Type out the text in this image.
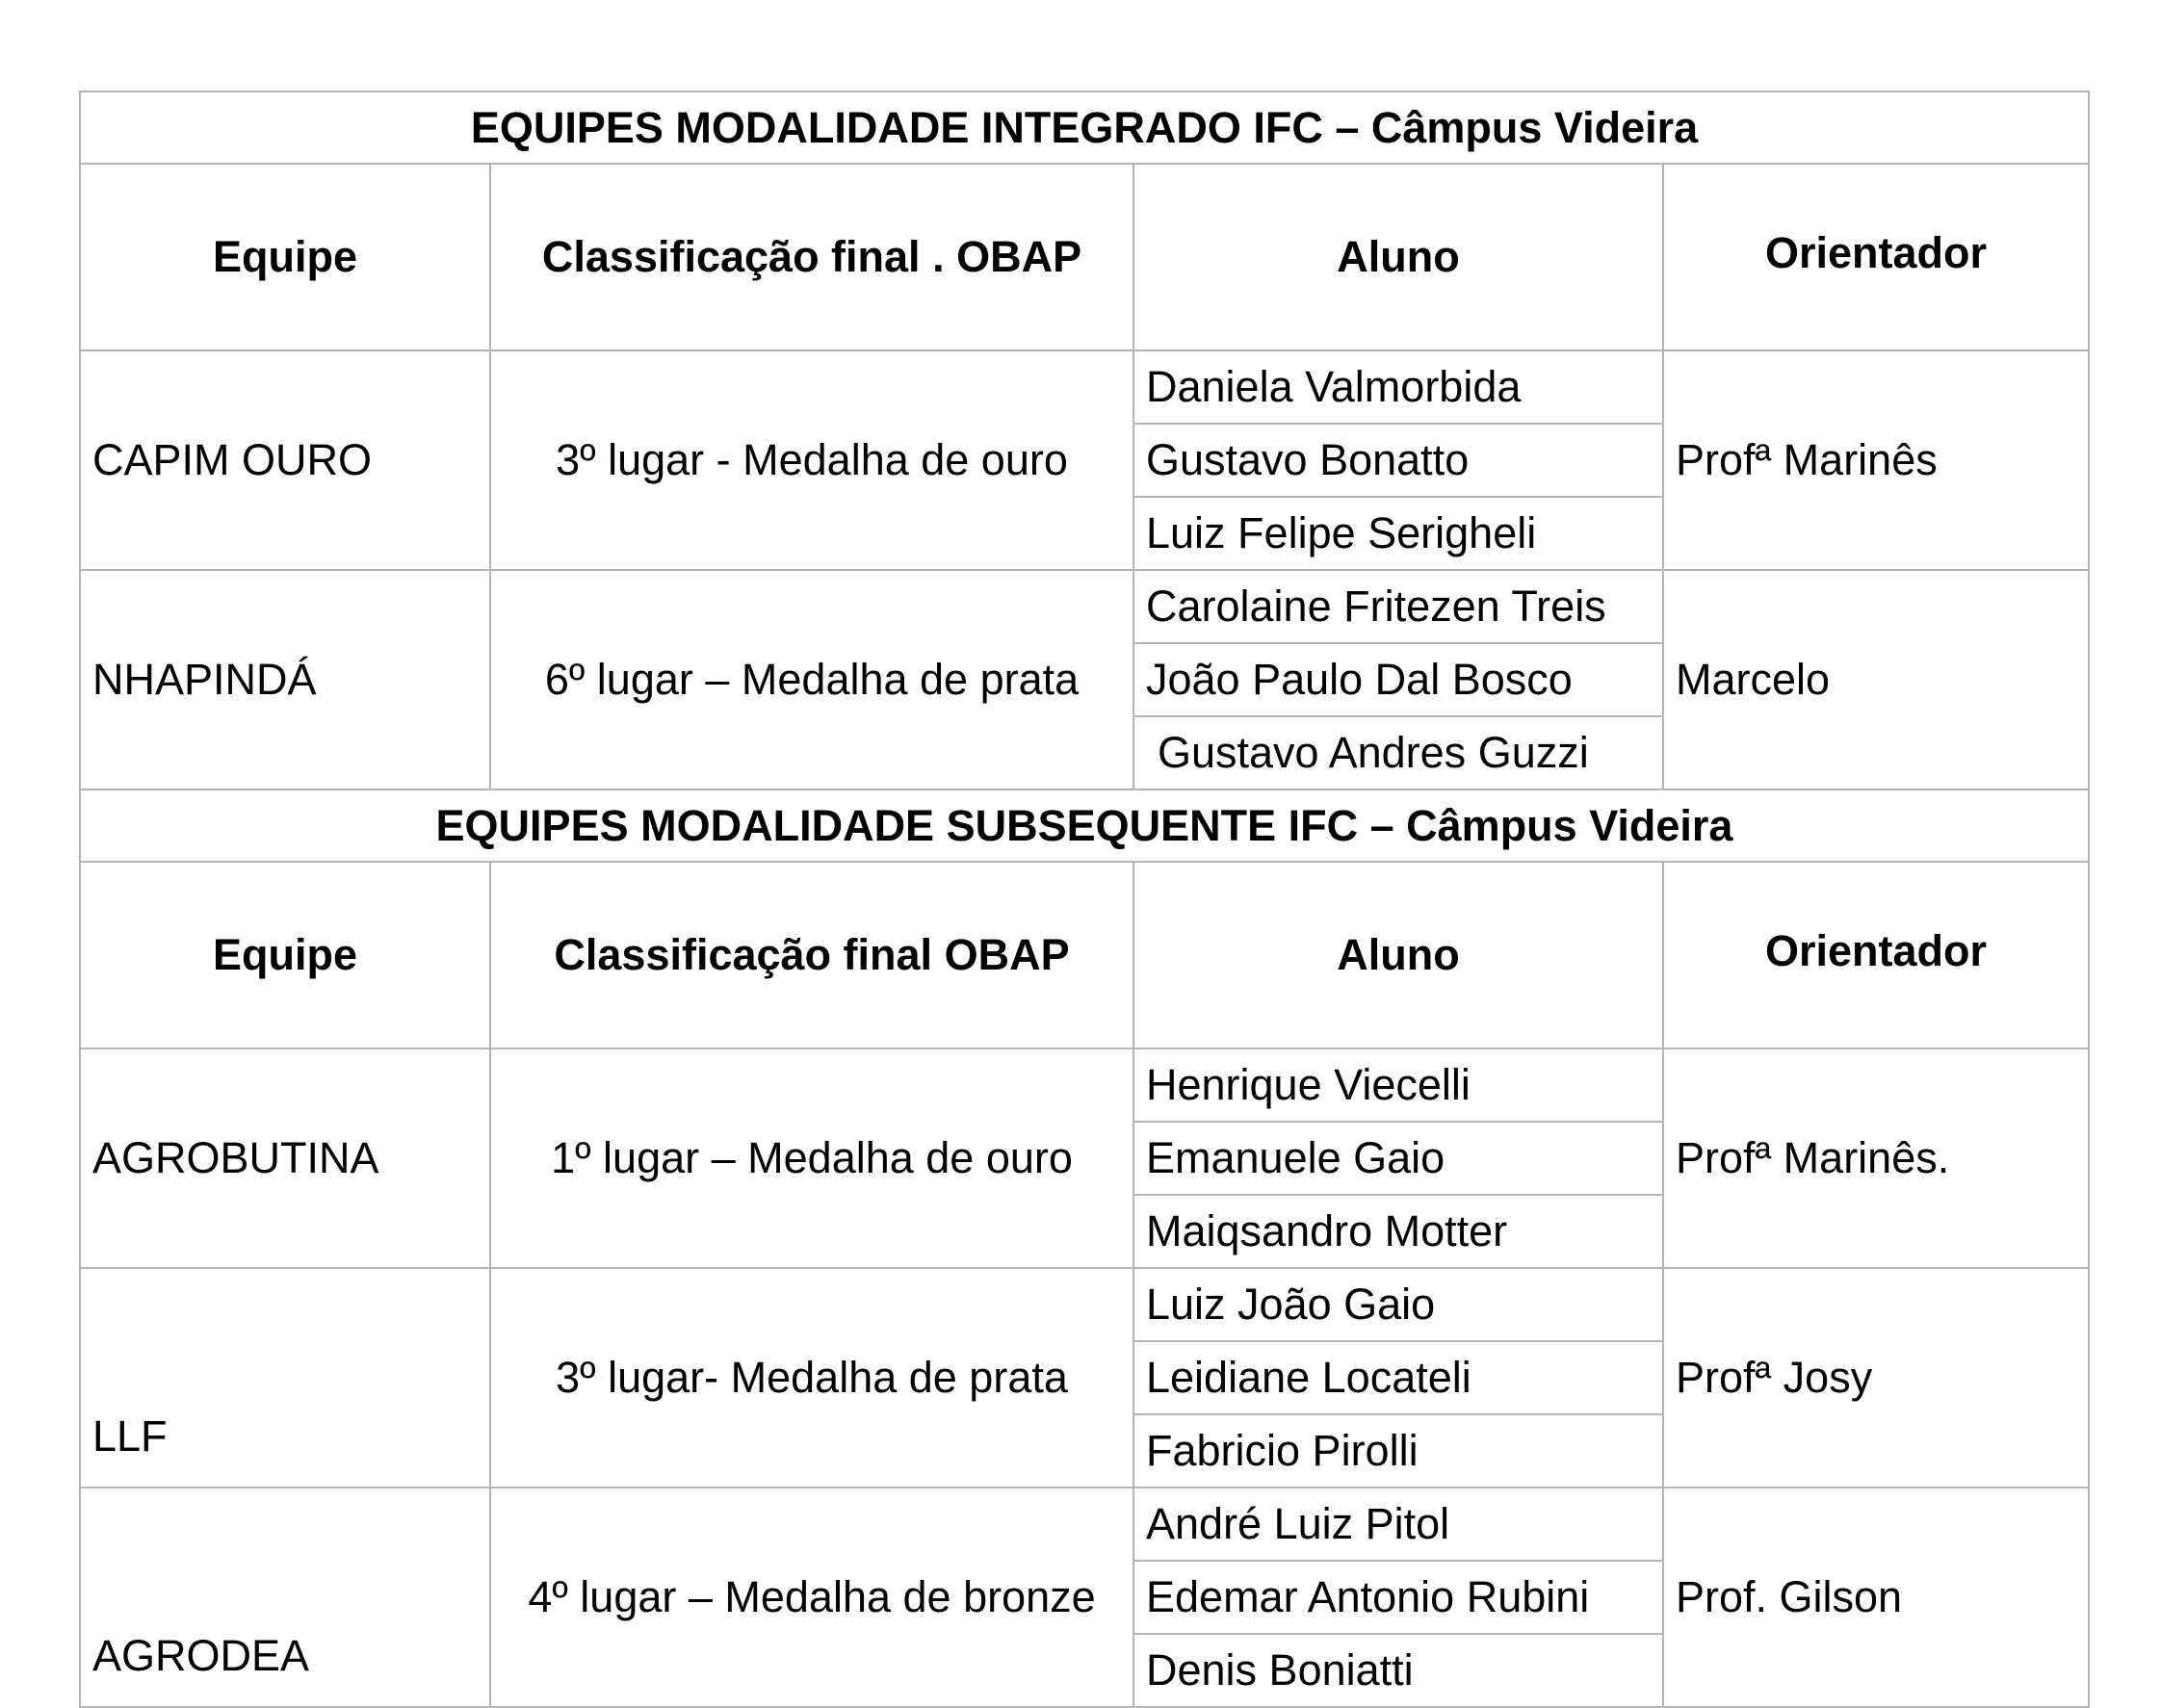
EQUIPES MODALIDADE INTEGRADO IFC – Câmpus Videira			
Equipe	Classificação final . OBAP	Aluno	Orientador
CAPIM OURO	3º lugar - Medalha de ouro	Daniela Valmorbida	Profª Marinês
		Gustavo Bonatto	
		Luiz Felipe Serigheli	
NHAPINDÁ	6º lugar – Medalha de prata	Carolaine Fritezen Treis	Marcelo
		João Paulo Dal Bosco	
		Gustavo Andres Guzzi	
EQUIPES MODALIDADE SUBSEQUENTE IFC – Câmpus Videira			
Equipe	Classificação final OBAP	Aluno	Orientador
AGROBUTINA	1º lugar – Medalha de ouro	Henrique Viecelli	Profª Marinês.
		Emanuele Gaio	
		Maiqsandro Motter	
LLF	3º lugar- Medalha de prata	Luiz João Gaio	Profª Josy
		Leidiane Locateli	
		Fabricio Pirolli	
AGRODEA	4º lugar – Medalha de bronze	André Luiz Pitol	Prof. Gilson
		Edemar Antonio Rubini	
		Denis Boniatti	
